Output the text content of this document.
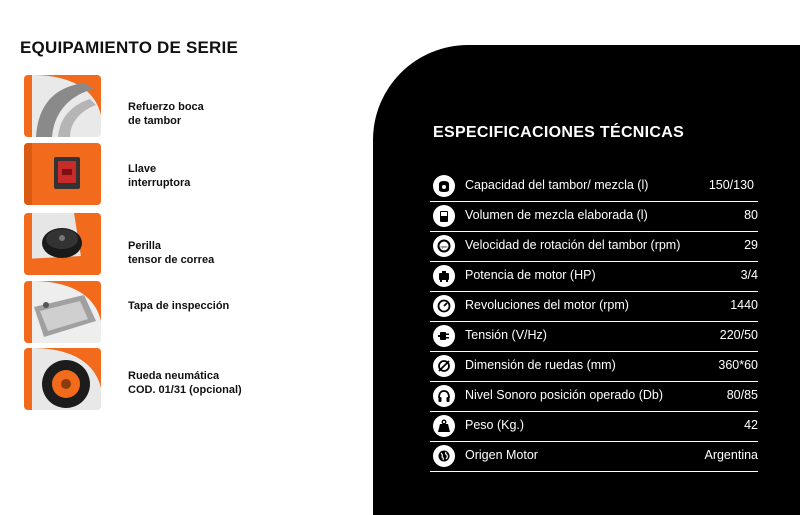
EQUIPAMIENTO DE SERIE
Refuerzo boca
de tambor
Llave
interruptora
Perilla
tensor de correa
Tapa de inspección
Rueda neumática
COD. 01/31 (opcional)
ESPECIFICACIONES TÉCNICAS
Capacidad del tambor/ mezcla (l)	150/130
Volumen de mezcla elaborada (l)	80
rpm Velocidad de rotación del tambor (rpm)	29
Potencia de motor (HP)	3/4
Revoluciones del motor (rpm)	1440
Tensión (V/Hz)	220/50
Dimensión de ruedas (mm)	360*60
Nivel Sonoro posición operado (Db)	80/85
Peso (Kg.)	42
Origen Motor	Argentina
